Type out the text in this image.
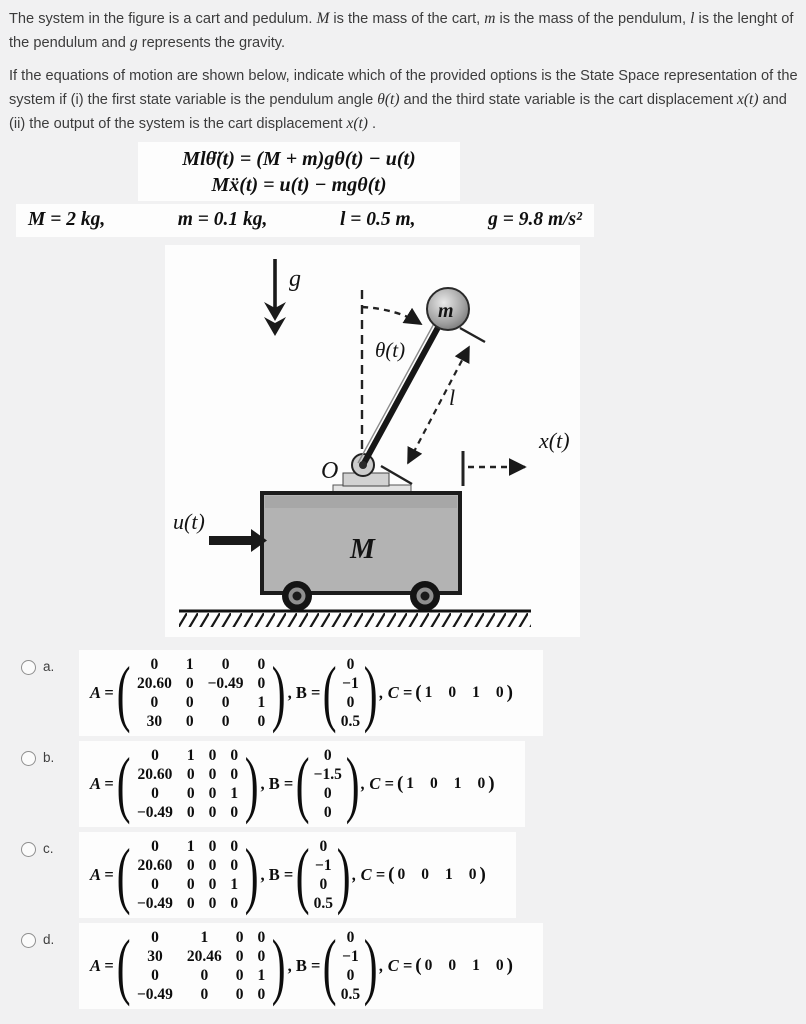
The system in the figure is a cart and pedulum. M is the mass of the cart, m is the mass of the pendulum, l is the lenght of the pendulum and g represents the gravity.

If the equations of motion are shown below, indicate which of the provided options is the State Space representation of the system if (i) the first state variable is the pendulum angle θ(t) and the third state variable is the cart displacement x(t) and (ii) the output of the system is the cart displacement x(t) .

Mlθ̈(t) = (M + m)gθ(t) − u(t)
Mẍ(t) = u(t) − mgθ(t)
M = 2 kg,	m = 0.1 kg,	l = 0.5 m,	g = 9.8 m/s²
g
θ(t)
O
l
x(t)
M
u(t)
m
a.
A = ( 0	1	0	0
20.60	0	−0.49	0
0	0	0	1
30	0	0	0 ) , B = ( 0
−1
0
0.5 ) , C = ( 1 0 1 0 )
b.
A = ( 0	1	0	0
20.60	0	0	0
0	0	0	1
−0.49	0	0	0 ) , B = ( 0
−1.5
0
0 ) , C = ( 1 0 1 0 )
c.
A = ( 0	1	0	0
20.60	0	0	0
0	0	0	1
−0.49	0	0	0 ) , B = ( 0
−1
0
0.5 ) , C = ( 0 0 1 0 )
d.
A = ( 0	1	0	0
30	20.46	0	0
0	0	0	1
−0.49	0	0	0 ) , B = ( 0
−1
0
0.5 ) , C = ( 0 0 1 0 )
